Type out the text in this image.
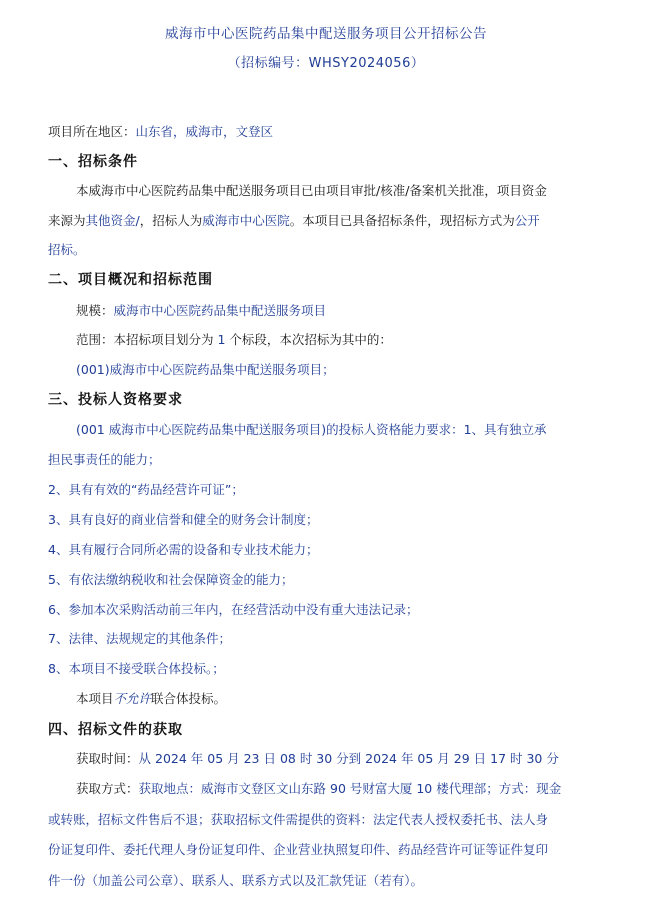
威海市中心医院药品集中配送服务项目公开招标公告
（招标编号：WHSY2024056）
项目所在地区：山东省，威海市，文登区
一、招标条件
本威海市中心医院药品集中配送服务项目已由项目审批/核准/备案机关批准，项目资金
来源为其他资金/，招标人为威海市中心医院。本项目已具备招标条件，现招标方式为公开
招标。
二、项目概况和招标范围
规模：威海市中心医院药品集中配送服务项目
范围：本招标项目划分为 1 个标段，本次招标为其中的：
(001)威海市中心医院药品集中配送服务项目；
三、投标人资格要求
(001 威海市中心医院药品集中配送服务项目)的投标人资格能力要求：1、具有独立承
担民事责任的能力；
2、具有有效的“药品经营许可证”；
3、具有良好的商业信誉和健全的财务会计制度；
4、具有履行合同所必需的设备和专业技术能力；
5、有依法缴纳税收和社会保障资金的能力；
6、参加本次采购活动前三年内，在经营活动中没有重大违法记录；
7、法律、法规规定的其他条件；
8、本项目不接受联合体投标。；
本项目不允许联合体投标。
四、招标文件的获取
获取时间：从 2024 年 05 月 23 日 08 时 30 分到 2024 年 05 月 29 日 17 时 30 分
获取方式：获取地点：威海市文登区文山东路 90 号财富大厦 10 楼代理部；方式：现金
或转账，招标文件售后不退；获取招标文件需提供的资料：法定代表人授权委托书、法人身
份证复印件、委托代理人身份证复印件、企业营业执照复印件、药品经营许可证等证件复印
件一份（加盖公司公章）、联系人、联系方式以及汇款凭证（若有）。
